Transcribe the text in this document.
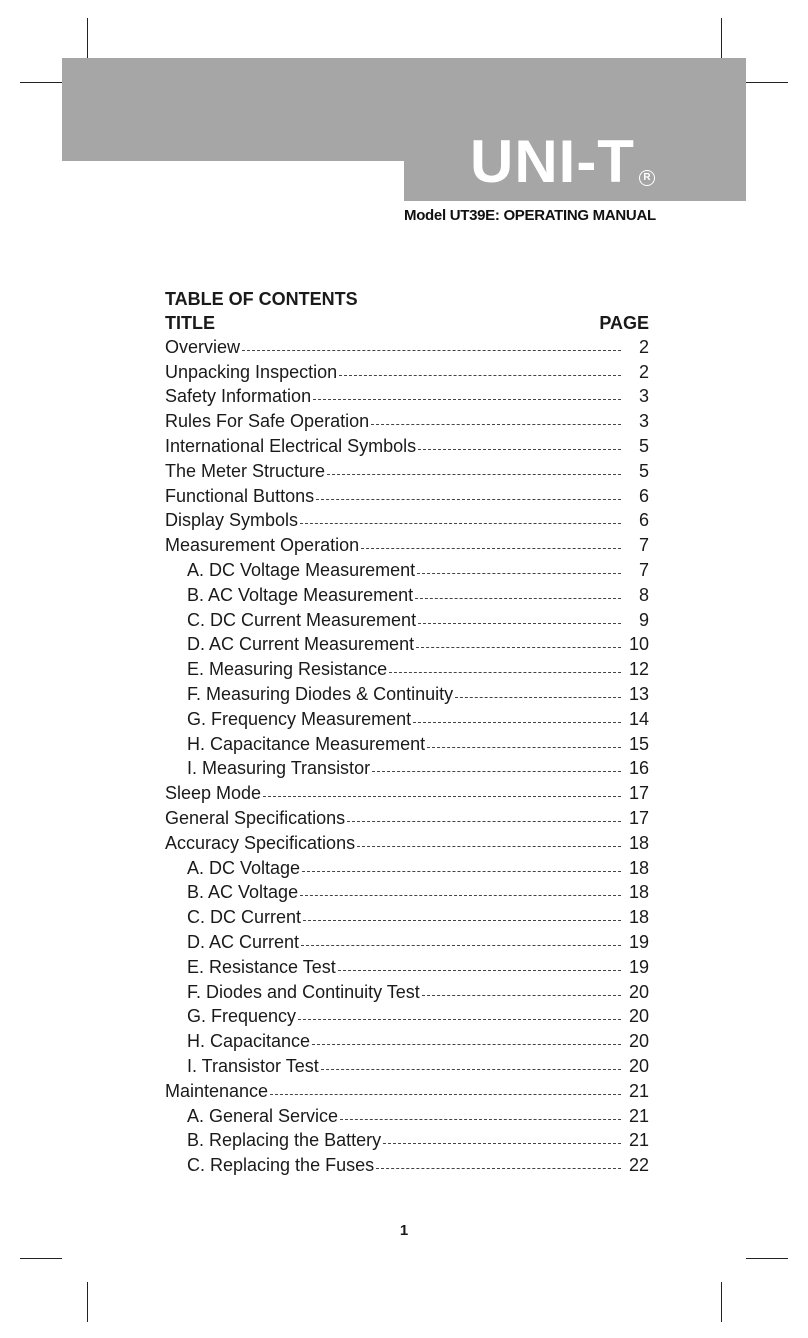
UNI-T R
Model UT39E: OPERATING MANUAL
TABLE OF CONTENTS
TITLE	PAGE
Overview	2
Unpacking Inspection	2
Safety Information	3
Rules For Safe Operation	3
International Electrical Symbols	5
The Meter Structure	5
Functional Buttons	6
Display Symbols	6
Measurement Operation	7
A. DC Voltage Measurement	7
B. AC Voltage Measurement	8
C. DC Current Measurement	9
D. AC Current Measurement	10
E. Measuring Resistance	12
F. Measuring Diodes & Continuity	13
G. Frequency Measurement	14
H. Capacitance Measurement	15
I. Measuring Transistor	16
Sleep Mode	17
General Specifications	17
Accuracy Specifications	18
A. DC Voltage	18
B. AC Voltage	18
C. DC Current	18
D. AC Current	19
E. Resistance Test	19
F. Diodes and Continuity Test	20
G. Frequency	20
H. Capacitance	20
I. Transistor Test	20
Maintenance	21
A. General Service	21
B. Replacing the Battery	21
C. Replacing the Fuses	22
1
